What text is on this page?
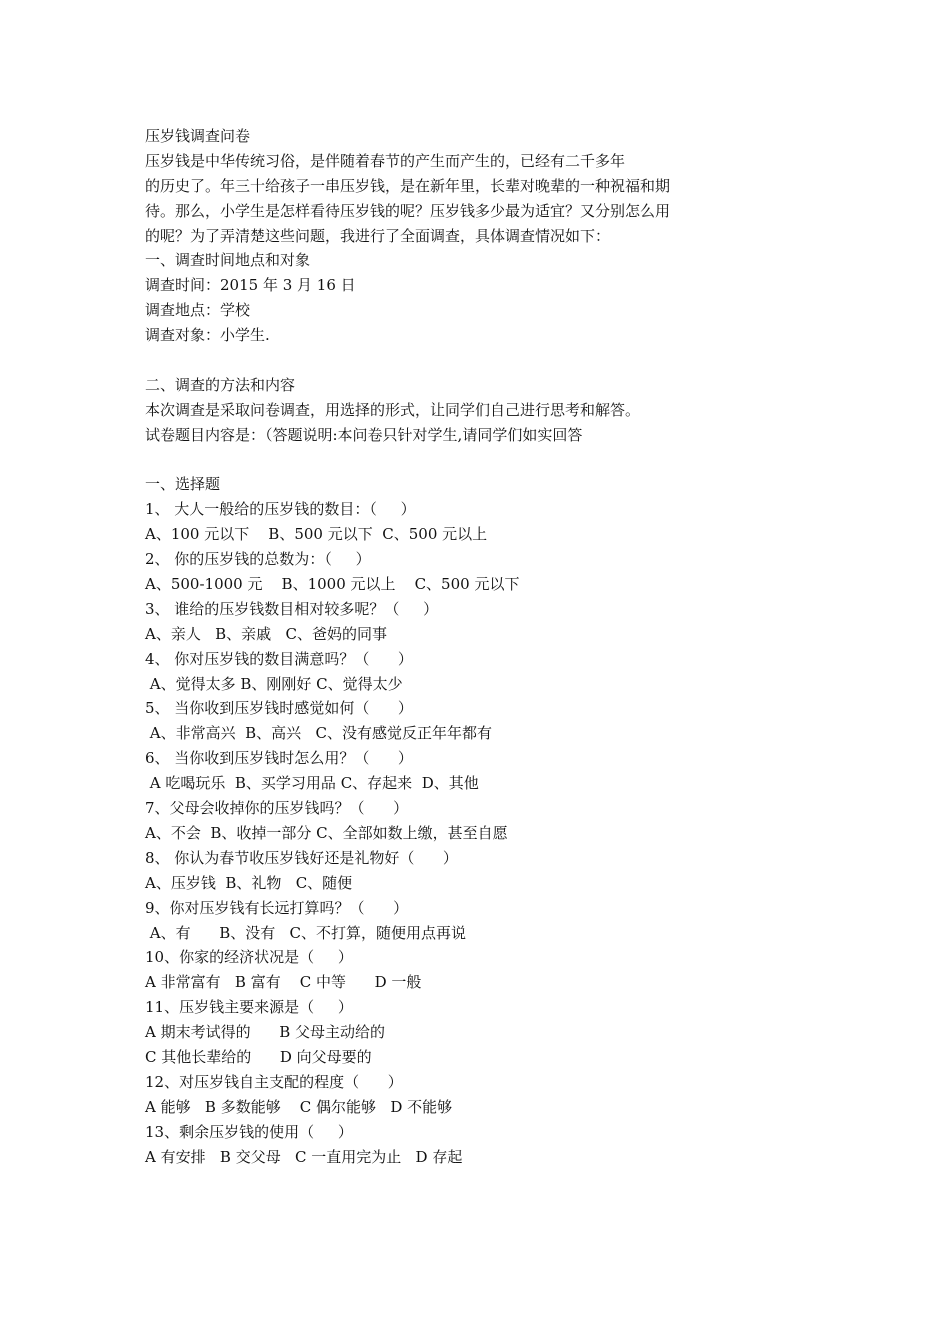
压岁钱调查问卷
压岁钱是中华传统习俗，是伴随着春节的产生而产生的，已经有二千多年
的历史了。年三十给孩子一串压岁钱，是在新年里，长辈对晚辈的一种祝福和期
待。那么，小学生是怎样看待压岁钱的呢？压岁钱多少最为适宜？又分别怎么用
的呢？为了弄清楚这些问题，我进行了全面调查，具体调查情况如下：
一、调查时间地点和对象
调查时间：2015 年 3 月 16 日
调查地点：学校
调查对象：小学生.
二、调查的方法和内容
本次调查是采取问卷调查，用选择的形式，让同学们自己进行思考和解答。
试卷题目内容是：（答题说明:本问卷只针对学生,请同学们如实回答
一、选择题
1、 大人一般给的压岁钱的数目：（     ）
A、100 元以下    B、500 元以下  C、500 元以上
2、 你的压岁钱的总数为：（     ）
A、500-1000 元    B、1000 元以上    C、500 元以下
3、 谁给的压岁钱数目相对较多呢？（     ）
A、亲人   B、亲戚   C、爸妈的同事
4、 你对压岁钱的数目满意吗？（      ）
A、觉得太多 B、刚刚好 C、觉得太少
5、 当你收到压岁钱时感觉如何（      ）
A、非常高兴  B、高兴   C、没有感觉反正年年都有
6、 当你收到压岁钱时怎么用？（      ）
A 吃喝玩乐  B、买学习用品 C、存起来  D、其他
7、父母会收掉你的压岁钱吗？（      ）
A、不会  B、收掉一部分 C、全部如数上缴，甚至自愿
8、 你认为春节收压岁钱好还是礼物好（      ）
A、压岁钱  B、礼物   C、随便
9、你对压岁钱有长远打算吗？（      ）
A、有      B、没有   C、不打算，随便用点再说
10、你家的经济状况是（     ）
A 非常富有   B 富有    C 中等      D 一般
11、压岁钱主要来源是（     ）
A 期末考试得的      B 父母主动给的
C 其他长辈给的      D 向父母要的
12、对压岁钱自主支配的程度（      ）
A 能够   B 多数能够    C 偶尔能够   D 不能够
13、剩余压岁钱的使用（     ）
A 有安排   B 交父母   C 一直用完为止   D 存起
